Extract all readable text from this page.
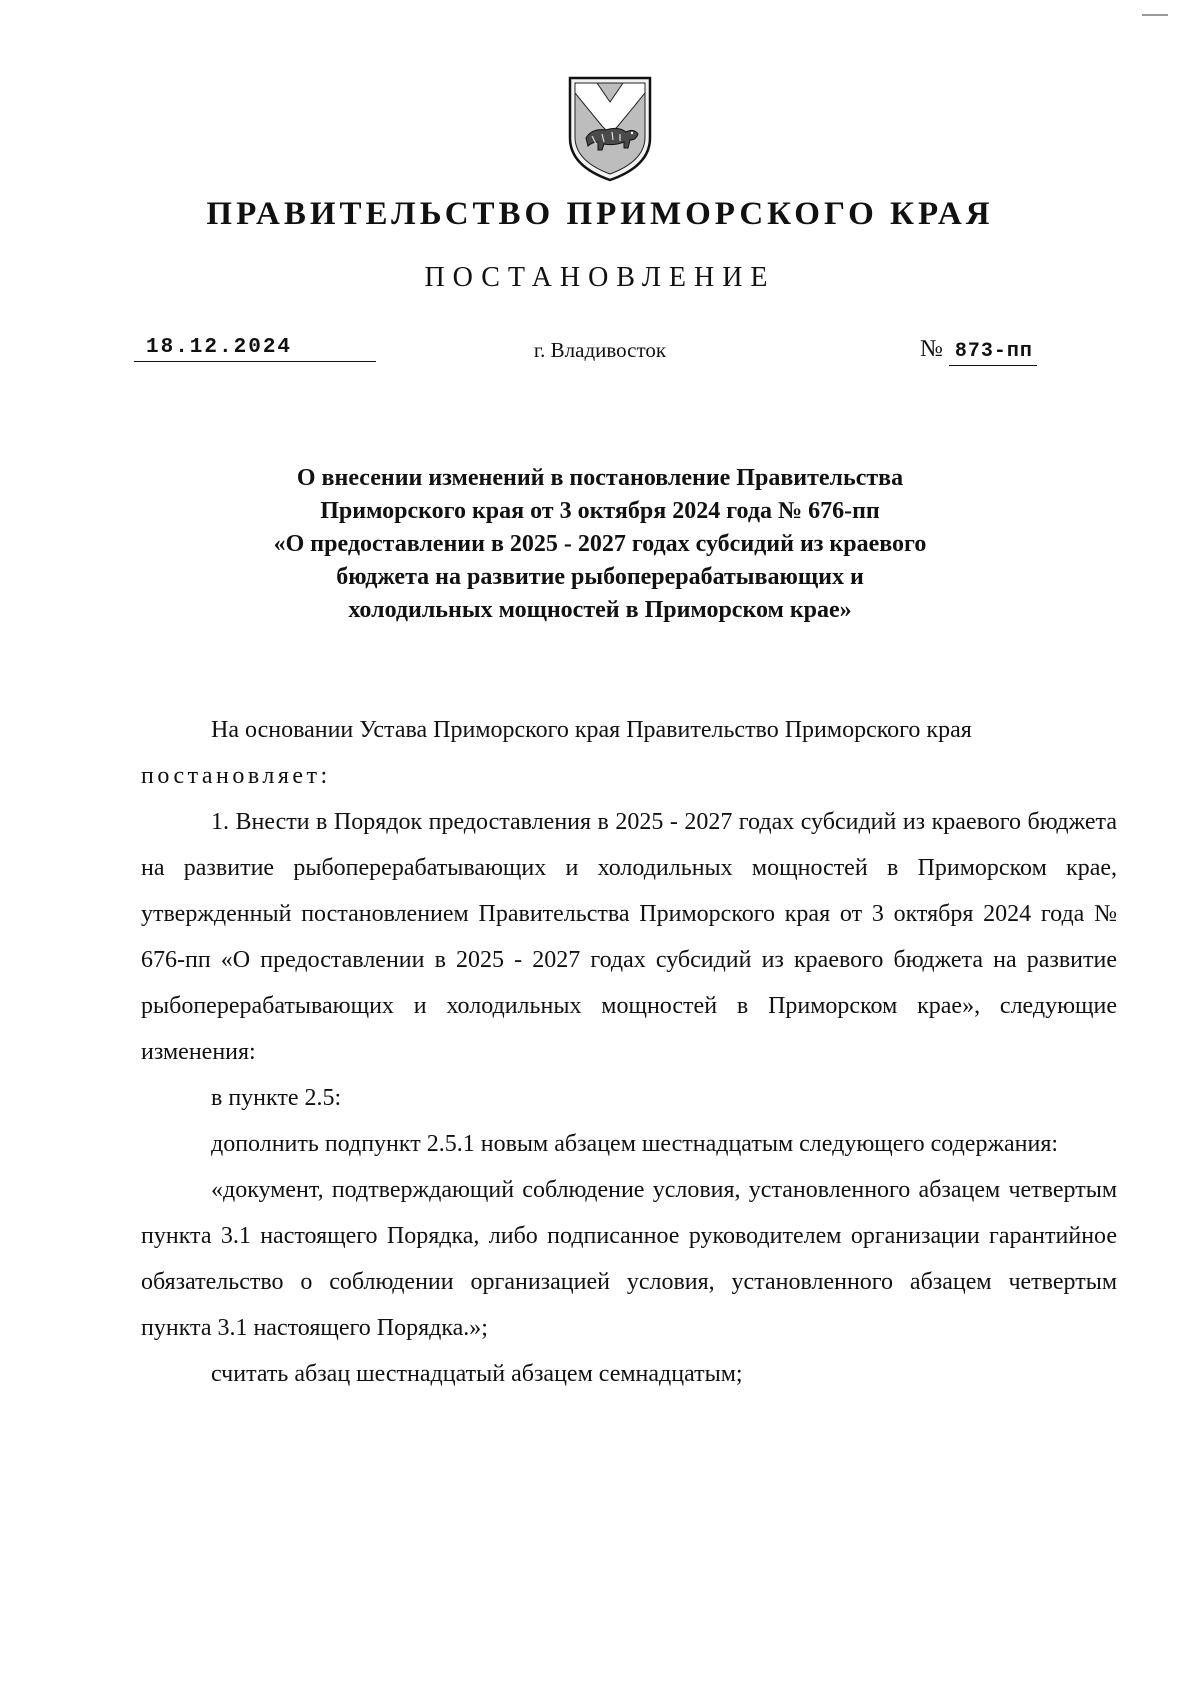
ПРАВИТЕЛЬСТВО ПРИМОРСКОГО КРАЯ
ПОСТАНОВЛЕНИЕ
18.12.2024	г. Владивосток	№ 873-пп
О внесении изменений в постановление Правительства
Приморского края от 3 октября 2024 года № 676-пп
«О предоставлении в 2025 - 2027 годах субсидий из краевого
бюджета на развитие рыбоперерабатывающих и
холодильных мощностей в Приморском крае»

На основании Устава Приморского края Правительство Приморского края

постановляет:

1. Внести в Порядок предоставления в 2025 - 2027 годах субсидий из краевого бюджета на развитие рыбоперерабатывающих и холодильных мощностей в Приморском крае, утвержденный постановлением Правительства Приморского края от 3 октября 2024 года № 676-пп «О предоставлении в 2025 - 2027 годах субсидий из краевого бюджета на развитие рыбоперерабатывающих и холодильных мощностей в Приморском крае», следующие изменения:

в пункте 2.5:

дополнить подпункт 2.5.1 новым абзацем шестнадцатым следующего содержания:

«документ, подтверждающий соблюдение условия, установленного абзацем четвертым пункта 3.1 настоящего Порядка, либо подписанное руководителем организации гарантийное обязательство о соблюдении организацией условия, установленного абзацем четвертым пункта 3.1 настоящего Порядка.»;

считать абзац шестнадцатый абзацем семнадцатым;
